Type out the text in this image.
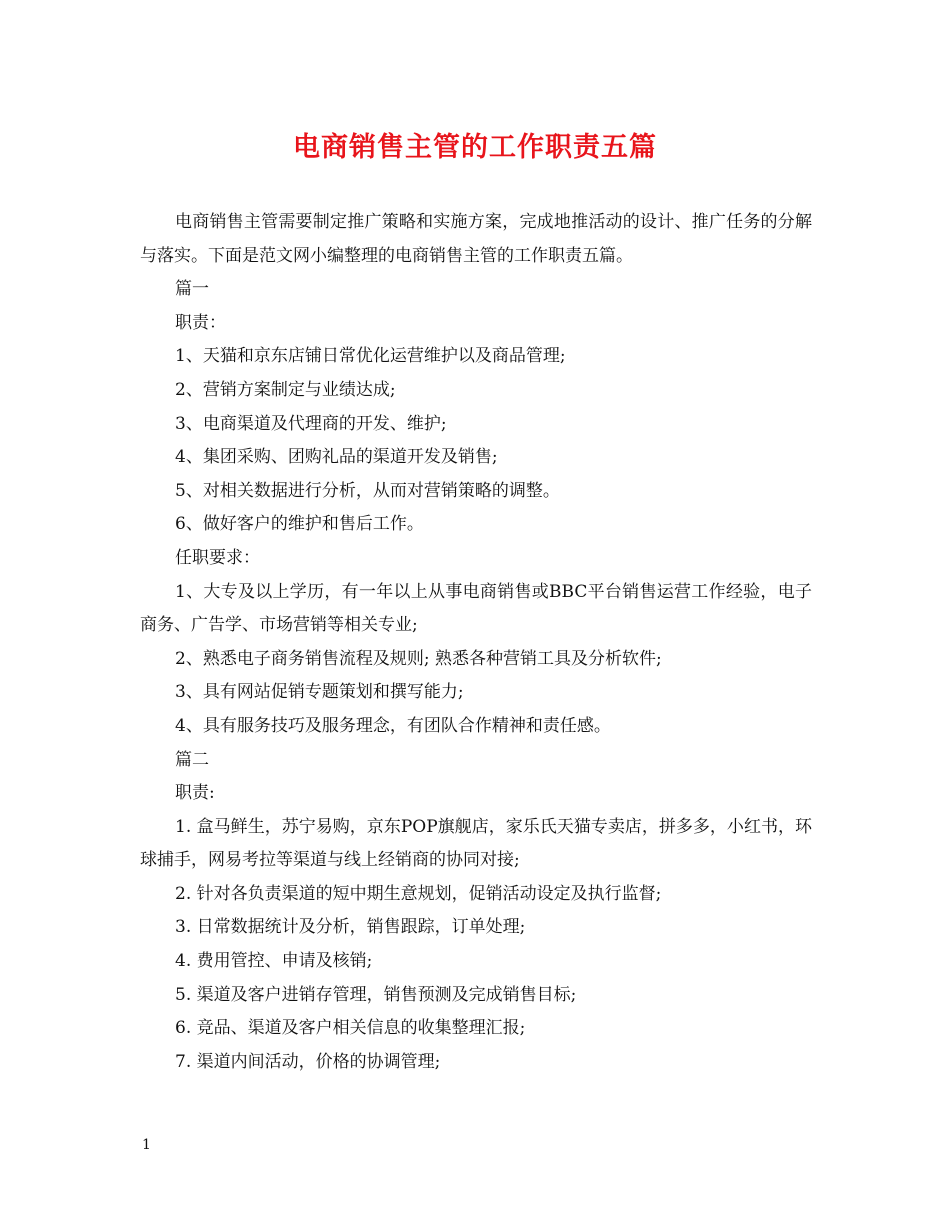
电商销售主管的工作职责五篇

电商销售主管需要制定推广策略和实施方案，完成地推活动的设计、推广任务的分解与落实。下面是范文网小编整理的电商销售主管的工作职责五篇。

篇一

职责：

1、天猫和京东店铺日常优化运营维护以及商品管理;

2、营销方案制定与业绩达成;

3、电商渠道及代理商的开发、维护;

4、集团采购、团购礼品的渠道开发及销售;

5、对相关数据进行分析，从而对营销策略的调整。

6、做好客户的维护和售后工作。

任职要求：

1、大专及以上学历，有一年以上从事电商销售或BBC平台销售运营工作经验，电子商务、广告学、市场营销等相关专业;

2、熟悉电子商务销售流程及规则; 熟悉各种营销工具及分析软件;

3、具有网站促销专题策划和撰写能力;

4、具有服务技巧及服务理念，有团队合作精神和责任感。

篇二

职责:

1. 盒马鲜生，苏宁易购，京东POP旗舰店，家乐氏天猫专卖店，拼多多，小红书，环球捕手，网易考拉等渠道与线上经销商的协同对接;

2. 针对各负责渠道的短中期生意规划，促销活动设定及执行监督;

3. 日常数据统计及分析，销售跟踪，订单处理;

4. 费用管控、申请及核销;

5. 渠道及客户进销存管理，销售预测及完成销售目标;

6. 竞品、渠道及客户相关信息的收集整理汇报;

7. 渠道内间活动，价格的协调管理;

1
